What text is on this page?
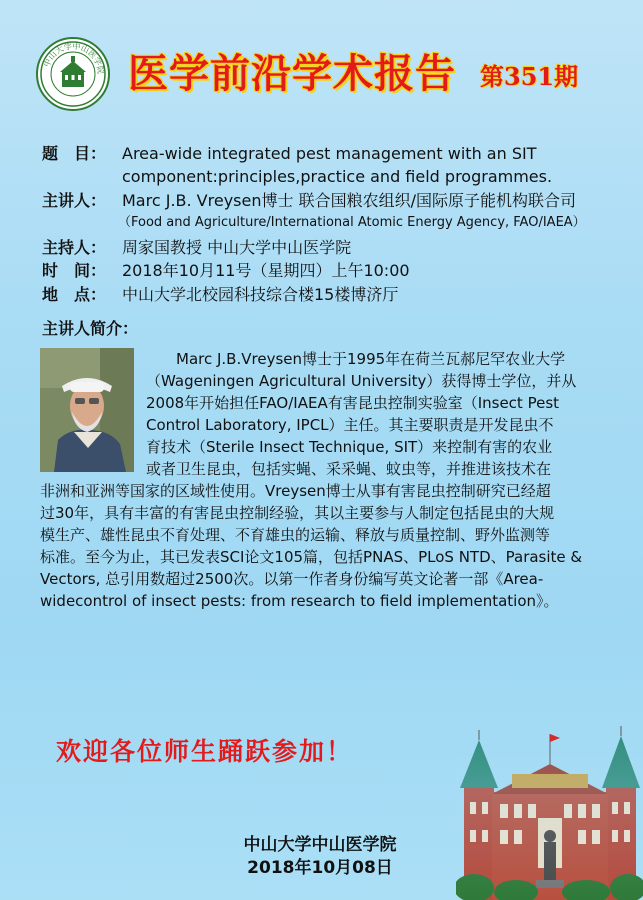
中山大学中山医学院 医学前沿学术报告 第351期
题　目： Area-wide integrated pest management with an SIT
component:principles,practice and field programmes.
主讲人： Marc J.B. Vreysen博士 联合国粮农组织/国际原子能机构联合司
（Food and Agriculture/International Atomic Energy Agency, FAO/IAEA）
主持人： 周家国教授 中山大学中山医学院
时　间： 2018年10月11号（星期四）上午10:00
地　点： 中山大学北校园科技综合楼15楼博济厅
主讲人简介：
Marc J.B.Vreysen博士于1995年在荷兰瓦郝尼罕农业大学
（Wageningen Agricultural University）获得博士学位，并从
2008年开始担任FAO/IAEA有害昆虫控制实验室（Insect Pest
Control Laboratory, IPCL）主任。其主要职责是开发昆虫不
育技术（Sterile Insect Technique, SIT）来控制有害的农业
或者卫生昆虫，包括实蝇、采采蝇、蚊虫等，并推进该技术在
非洲和亚洲等国家的区域性使用。Vreysen博士从事有害昆虫控制研究已经超
过30年，具有丰富的有害昆虫控制经验，其以主要参与人制定包括昆虫的大规
模生产、雄性昆虫不育处理、不育雄虫的运输、释放与质量控制、野外监测等
标准。至今为止，其已发表SCI论文105篇，包括PNAS、PLoS NTD、Parasite &
Vectors, 总引用数超过2500次。以第一作者身份编写英文论著一部《Area-
widecontrol of insect pests: from research to field implementation》。
欢迎各位师生踊跃参加！
中山大学中山医学院
2018年10月08日
